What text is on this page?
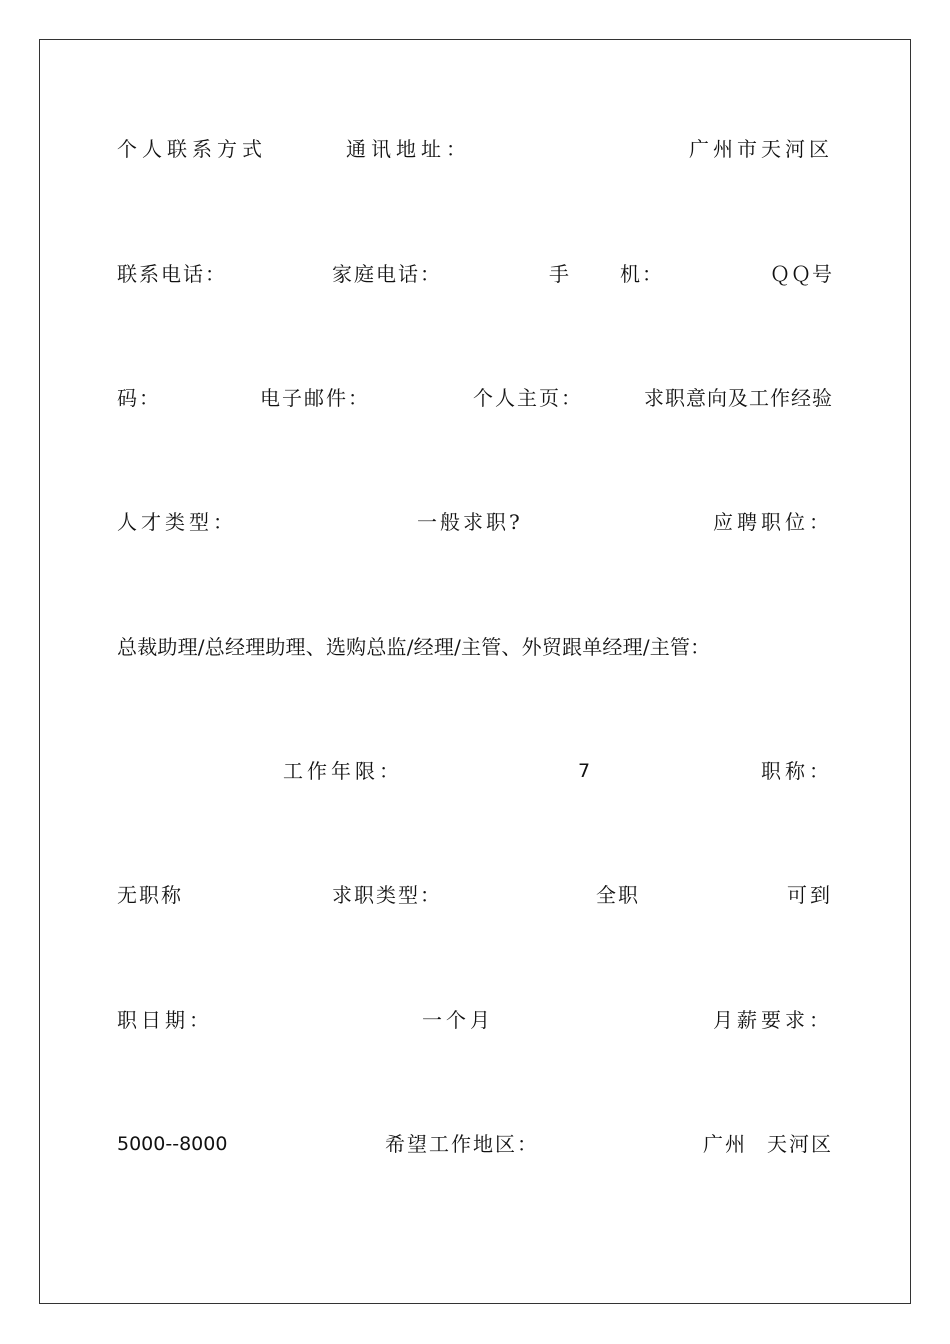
个人联系方式	通讯地址：	广州市天河区
联系电话：	家庭电话：	手	机：	ＱＱ号
码：	电子邮件：	个人主页：	求职意向及工作经验
人才类型：	一般求职?	应聘职位：
总裁助理/总经理助理、选购总监/经理/主管、外贸跟单经理/主管：
工作年限：	7	职称：
无职称	求职类型：	全职	可到
职日期：	一个月	月薪要求：
5000--8000	希望工作地区：	广州 天河区
